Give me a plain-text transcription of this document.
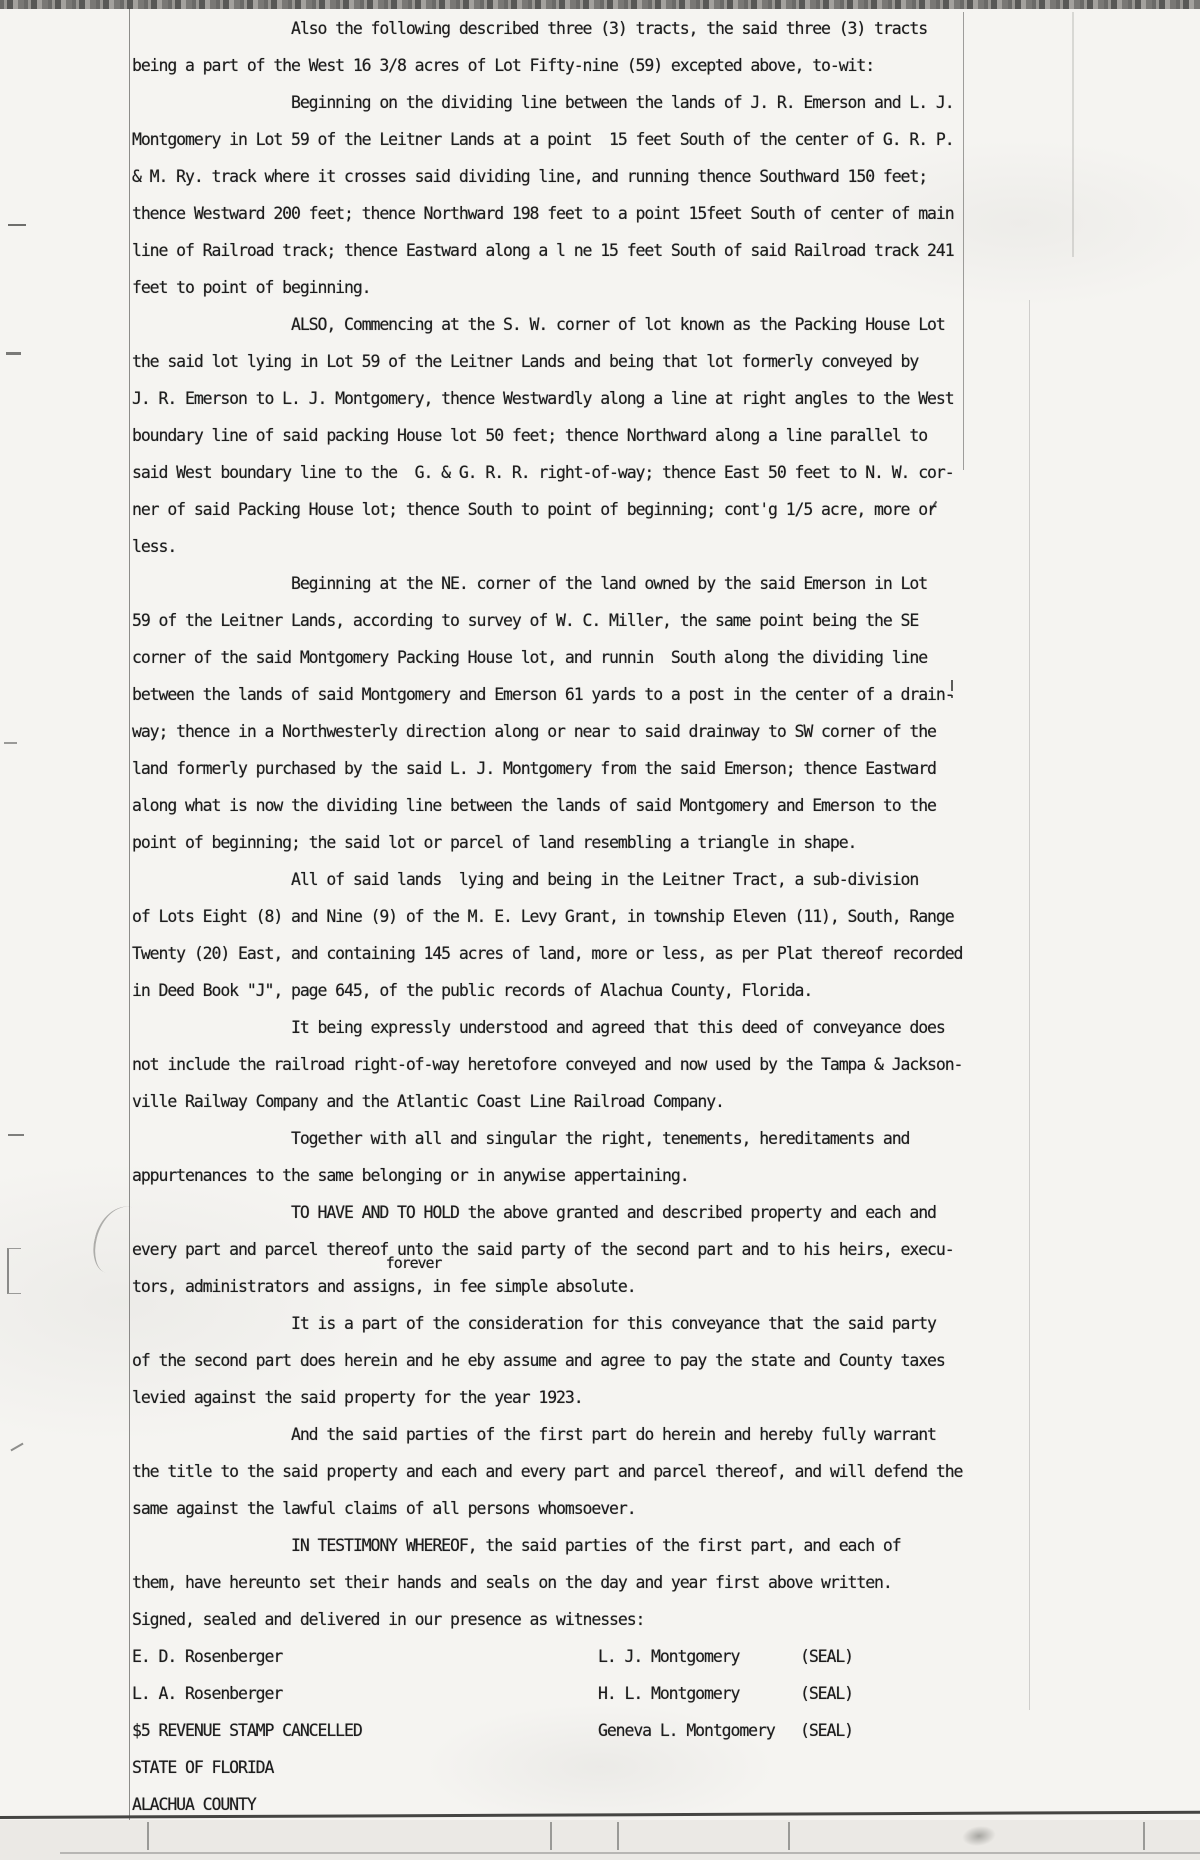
Also the following described three (3) tracts, the said three (3) tracts
being a part of the West 16 3/8 acres of Lot Fifty-nine (59) excepted above, to-wit:
Beginning on the dividing line between the lands of J. R. Emerson and L. J.
Montgomery in Lot 59 of the Leitner Lands at a point  15 feet South of the center of G. R. P.
& M. Ry. track where it crosses said dividing line, and running thence Southward 150 feet;
thence Westward 200 feet; thence Northward 198 feet to a point 15feet South of center of main
line of Railroad track; thence Eastward along a l ne 15 feet South of said Railroad track 241
feet to point of beginning.
ALSO, Commencing at the S. W. corner of lot known as the Packing House Lot
the said lot lying in Lot 59 of the Leitner Lands and being that lot formerly conveyed by
J. R. Emerson to L. J. Montgomery, thence Westwardly along a line at right angles to the West
boundary line of said packing House lot 50 feet; thence Northward along a line parallel to
said West boundary line to the  G. & G. R. R. right-of-way; thence East 50 feet to N. W. cor-
ner of said Packing House lot; thence South to point of beginning; cont'g 1/5 acre, more or
less.
Beginning at the NE. corner of the land owned by the said Emerson in Lot
59 of the Leitner Lands, according to survey of W. C. Miller, the same point being the SE
corner of the said Montgomery Packing House lot, and runnin  South along the dividing line
between the lands of said Montgomery and Emerson 61 yards to a post in the center of a drain-
way; thence in a Northwesterly direction along or near to said drainway to SW corner of the
land formerly purchased by the said L. J. Montgomery from the said Emerson; thence Eastward
along what is now the dividing line between the lands of said Montgomery and Emerson to the
point of beginning; the said lot or parcel of land resembling a triangle in shape.
All of said lands  lying and being in the Leitner Tract, a sub-division
of Lots Eight (8) and Nine (9) of the M. E. Levy Grant, in township Eleven (11), South, Range
Twenty (20) East, and containing 145 acres of land, more or less, as per Plat thereof recorded
in Deed Book "J", page 645, of the public records of Alachua County, Florida.
It being expressly understood and agreed that this deed of conveyance does
not include the railroad right-of-way heretofore conveyed and now used by the Tampa & Jackson-
ville Railway Company and the Atlantic Coast Line Railroad Company.
Together with all and singular the right, tenements, hereditaments and
appurtenances to the same belonging or in anywise appertaining.
TO HAVE AND TO HOLD the above granted and described property and each and
every part and parcel thereof unto the said party of the second part and to his heirs, execu-
forever
tors, administrators and assigns, in fee simple absolute.
It is a part of the consideration for this conveyance that the said party
of the second part does herein and he eby assume and agree to pay the state and County taxes
levied against the said property for the year 1923.
And the said parties of the first part do herein and hereby fully warrant
the title to the said property and each and every part and parcel thereof, and will defend the
same against the lawful claims of all persons whomsoever.
IN TESTIMONY WHEREOF, the said parties of the first part, and each of
them, have hereunto set their hands and seals on the day and year first above written.
Signed, sealed and delivered in our presence as witnesses:
E. D. Rosenberger	L. J. Montgomery	(SEAL)
L. A. Rosenberger	H. L. Montgomery	(SEAL)
$5 REVENUE STAMP CANCELLED	Geneva L. Montgomery	(SEAL)
STATE OF FLORIDA
ALACHUA COUNTY
